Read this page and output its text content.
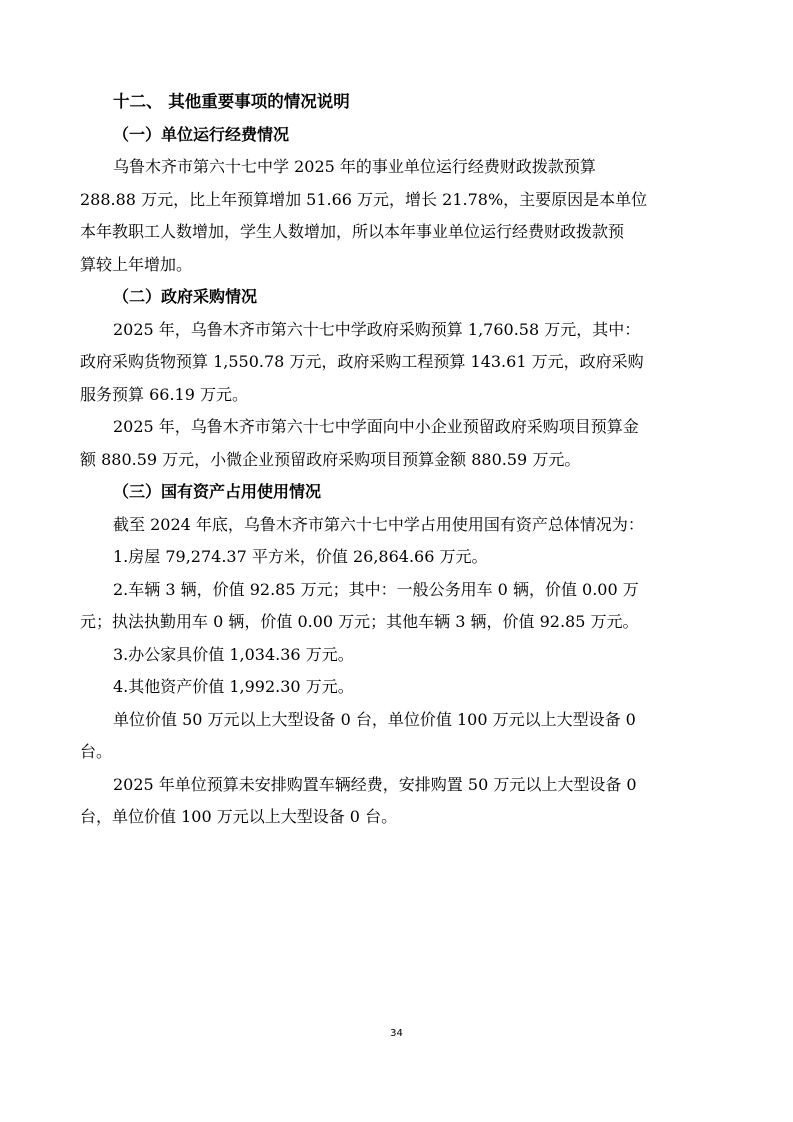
十二、 其他重要事项的情况说明
（一）单位运行经费情况
乌鲁木齐市第六十七中学 2025 年的事业单位运行经费财政拨款预算
288.88 万元，比上年预算增加 51.66 万元，增长 21.78%，主要原因是本单位
本年教职工人数增加，学生人数增加，所以本年事业单位运行经费财政拨款预
算较上年增加。
（二）政府采购情况
2025 年，乌鲁木齐市第六十七中学政府采购预算 1,760.58 万元，其中：
政府采购货物预算 1,550.78 万元，政府采购工程预算 143.61 万元，政府采购
服务预算 66.19 万元。
2025 年，乌鲁木齐市第六十七中学面向中小企业预留政府采购项目预算金
额 880.59 万元，小微企业预留政府采购项目预算金额 880.59 万元。
（三）国有资产占用使用情况
截至 2024 年底，乌鲁木齐市第六十七中学占用使用国有资产总体情况为：
1.房屋 79,274.37 平方米，价值 26,864.66 万元。
2.车辆 3 辆，价值 92.85 万元；其中：一般公务用车 0 辆，价值 0.00 万
元；执法执勤用车 0 辆，价值 0.00 万元；其他车辆 3 辆，价值 92.85 万元。
3.办公家具价值 1,034.36 万元。
4.其他资产价值 1,992.30 万元。
单位价值 50 万元以上大型设备 0 台，单位价值 100 万元以上大型设备 0
台。
2025 年单位预算未安排购置车辆经费，安排购置 50 万元以上大型设备 0
台，单位价值 100 万元以上大型设备 0 台。
34
